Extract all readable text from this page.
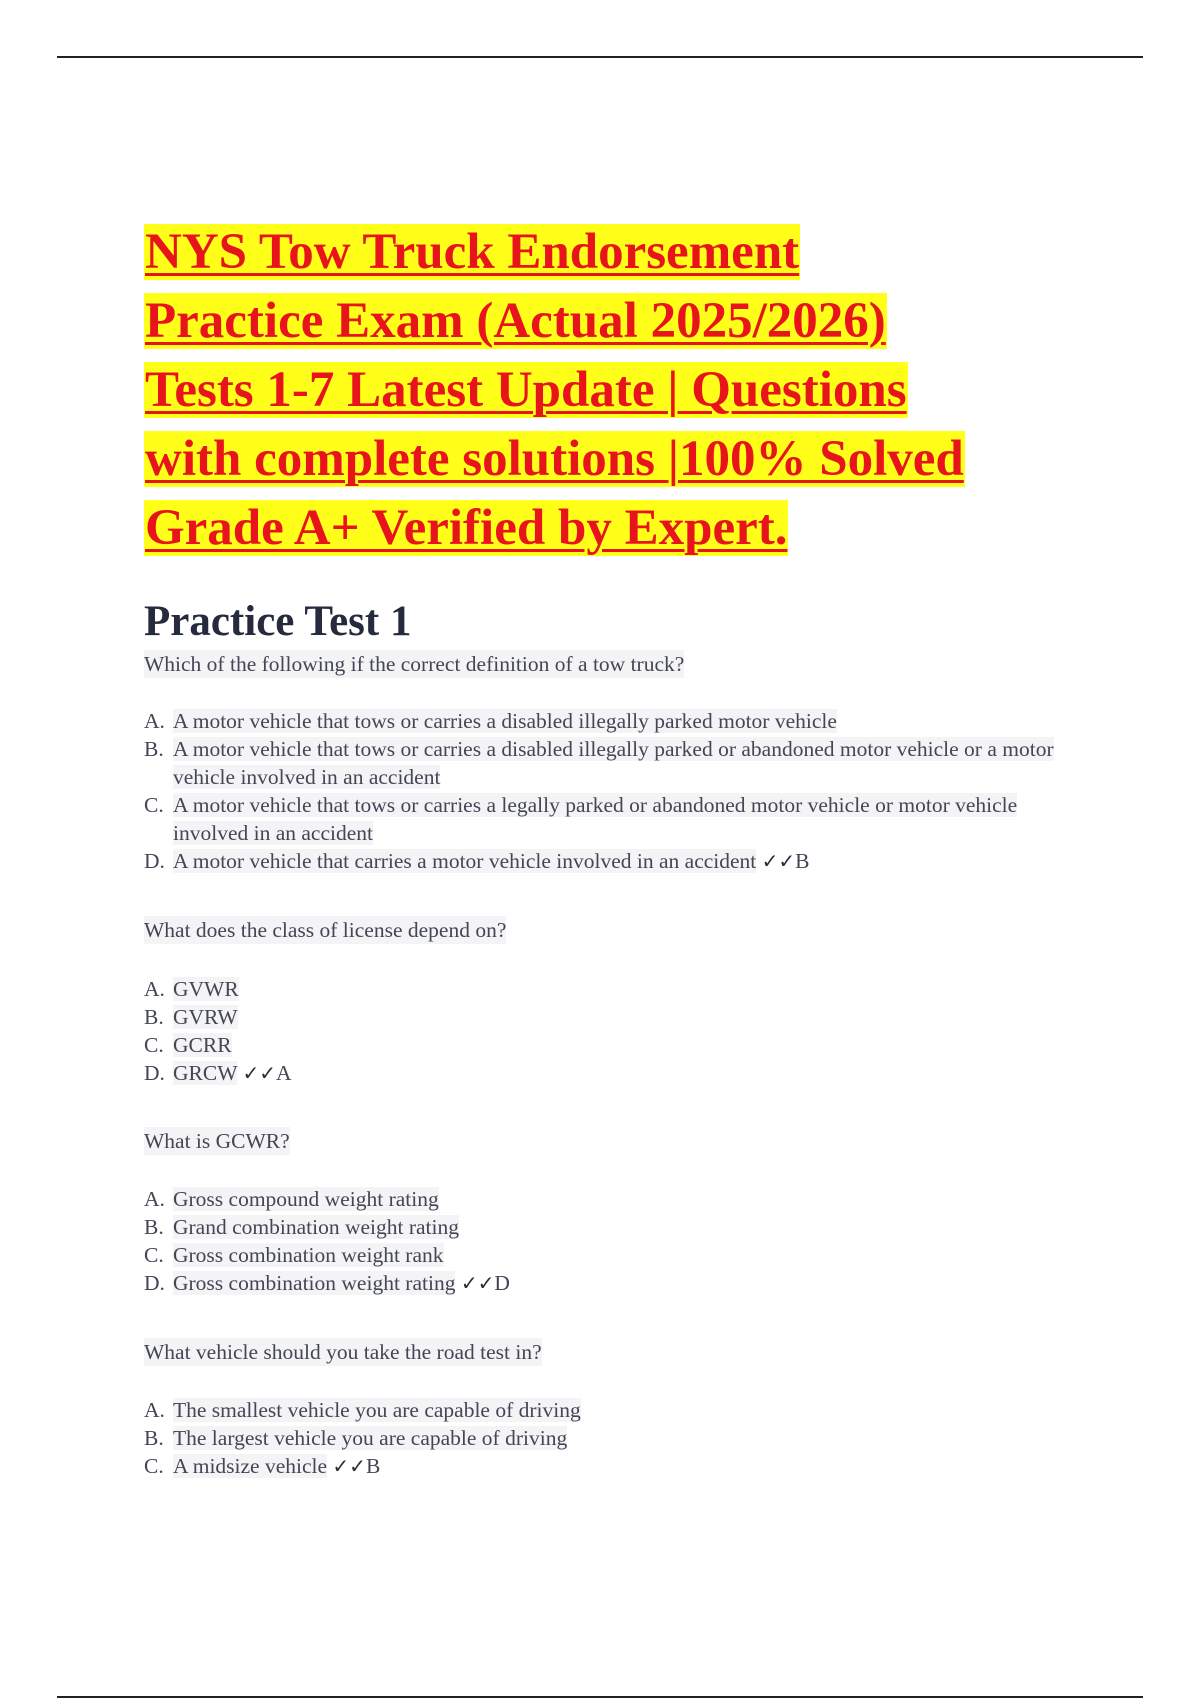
NYS Tow Truck Endorsement
Practice Exam (Actual 2025/2026)
Tests 1-7 Latest Update | Questions
with complete solutions |100% Solved
Grade A+ Verified by Expert.
Practice Test 1

Which of the following if the correct definition of a tow truck?

A. A motor vehicle that tows or carries a disabled illegally parked motor vehicle
B. A motor vehicle that tows or carries a disabled illegally parked or abandoned motor vehicle or a motor vehicle involved in an accident
C. A motor vehicle that tows or carries a legally parked or abandoned motor vehicle or motor vehicle involved in an accident
D. A motor vehicle that carries a motor vehicle involved in an accident ✓✓B

What does the class of license depend on?

A. GVWR
B. GVRW
C. GCRR
D. GRCW ✓✓A

What is GCWR?

A. Gross compound weight rating
B. Grand combination weight rating
C. Gross combination weight rank
D. Gross combination weight rating ✓✓D

What vehicle should you take the road test in?

A. The smallest vehicle you are capable of driving
B. The largest vehicle you are capable of driving
C. A midsize vehicle ✓✓B
